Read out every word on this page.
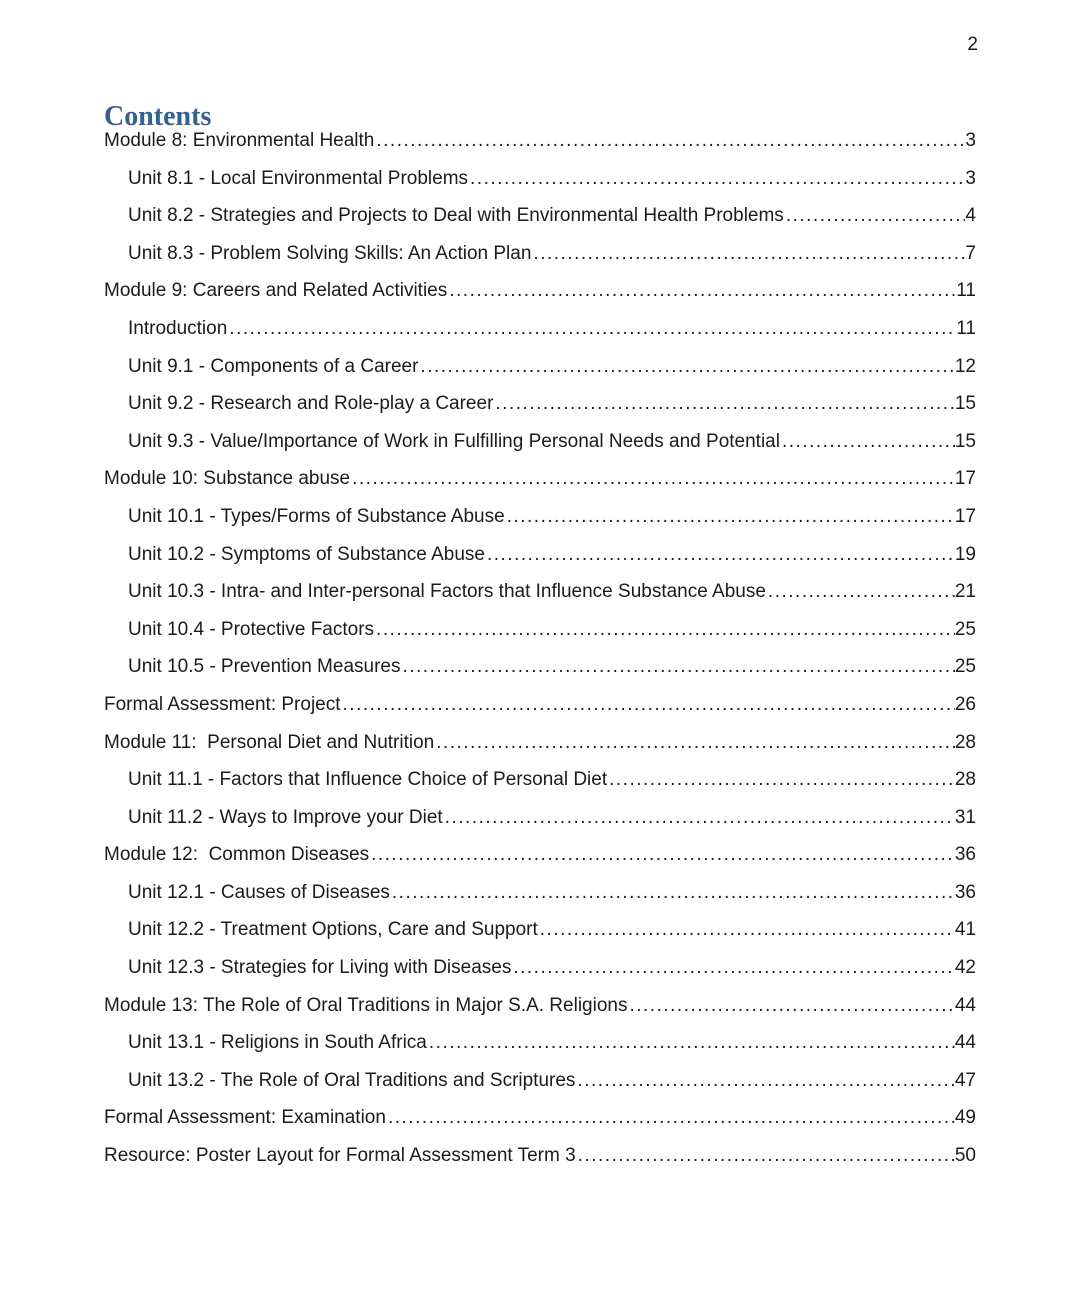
2
Contents
Module 8: Environmental Health .....	3
Unit 8.1 - Local Environmental Problems .....	3
Unit 8.2 - Strategies and Projects to Deal with Environmental Health Problems .....	4
Unit 8.3 - Problem Solving Skills: An Action Plan .....	7
Module 9: Careers and Related Activities .....	11
Introduction .....	11
Unit 9.1 - Components of a Career .....	12
Unit 9.2 - Research and Role-play a Career .....	15
Unit 9.3 - Value/Importance of Work in Fulfilling Personal Needs and Potential .....	15
Module 10: Substance abuse .....	17
Unit 10.1 - Types/Forms of Substance Abuse .....	17
Unit 10.2 - Symptoms of Substance Abuse .....	19
Unit 10.3 - Intra- and Inter-personal Factors that Influence Substance Abuse .....	21
Unit 10.4 - Protective Factors .....	25
Unit 10.5 - Prevention Measures .....	25
Formal Assessment: Project .....	26
Module 11:  Personal Diet and Nutrition .....	28
Unit 11.1 - Factors that Influence Choice of Personal Diet .....	28
Unit 11.2 - Ways to Improve your Diet .....	31
Module 12:  Common Diseases .....	36
Unit 12.1 - Causes of Diseases .....	36
Unit 12.2 - Treatment Options, Care and Support .....	41
Unit 12.3 - Strategies for Living with Diseases .....	42
Module 13: The Role of Oral Traditions in Major S.A. Religions .....	44
Unit 13.1 - Religions in South Africa .....	44
Unit 13.2 - The Role of Oral Traditions and Scriptures .....	47
Formal Assessment: Examination .....	49
Resource: Poster Layout for Formal Assessment Term 3 .....	50
